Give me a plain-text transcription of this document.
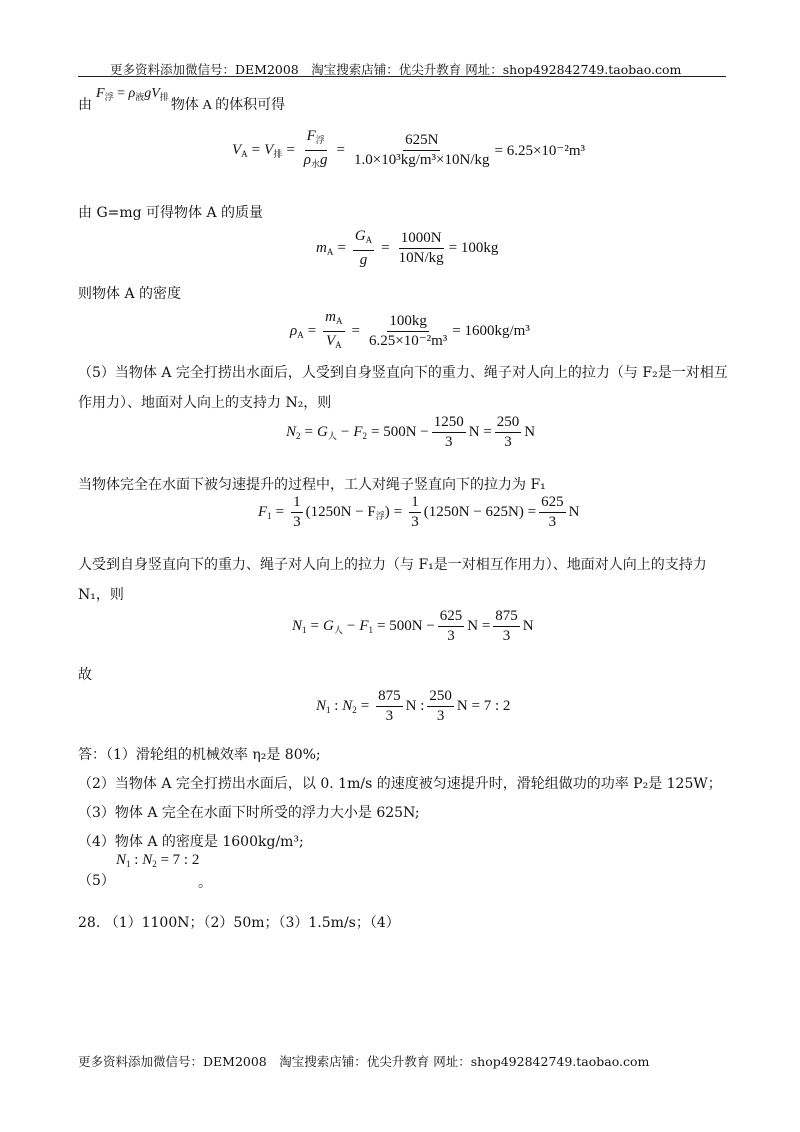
更多资料添加微信号：DEM2008　淘宝搜索店铺：优尖升教育 网址：shop492842749.taobao.com
由
$F_浮 = \rho_液gV_排$
物体 A 的体积可得
$V_A = V_排 = \frac{F_浮}{\rho_水g} = \frac{625N}{\text{1.0×10³kg/m³×10N/kg}} = 6.25\times 10^{-2}m^3$
由 G=mg 可得物体 A 的质量
$m_A = \frac{G_A}{g} = \frac{1000N}{10N/kg} = 100kg$
则物体 A 的密度
$\rho_A = \frac{m_A}{V_A} = \frac{100kg}{\text{6.25×10⁻²m³}} = 1600kg/m^3$
（5）当物体 A 完全打捞出水面后，人受到自身竖直向下的重力、绳子对人向上的拉力（与 F₂是一对相互
作用力）、地面对人向上的支持力 N₂，则
$N_2 = G_人 - F_2 = 500N - \frac{1250}{3}$ $N = \frac{250}{3}$ N
当物体完全在水面下被匀速提升的过程中，工人对绳子竖直向下的拉力为 F₁
$F_1 = \frac{1}{3} (1250N - F$ $_浮) = \frac{1}{3} (1250N - 625N) = \frac{625}{3}$ N
人受到自身竖直向下的重力、绳子对人向上的拉力（与 F₁是一对相互作用力）、地面对人向上的支持力
N₁，则
$N_1 = G_人 - F_1 = 500N - \frac{625}{3}$ $N = \frac{875}{3}$ N
故
$N_1$ : $N_2 = \frac{875}{3}$ N : $\frac{250}{3}$ N = 7 : 2
答：（1）滑轮组的机械效率 η₂是 80%;
（2）当物体 A 完全打捞出水面后，以 0. 1m/s 的速度被匀速提升时，滑轮组做功的功率 P₂是 125W；
（3）物体 A 完全在水面下时所受的浮力大小是 625N;
（4）物体 A 的密度是 1600kg/m³;
（5）
$N_1$ : $N_2 = 7$ : 2
。
28. （1）1100N；（2）50m；（3）1.5m/s；（4）
更多资料添加微信号：DEM2008　淘宝搜索店铺：优尖升教育 网址：shop492842749.taobao.com
